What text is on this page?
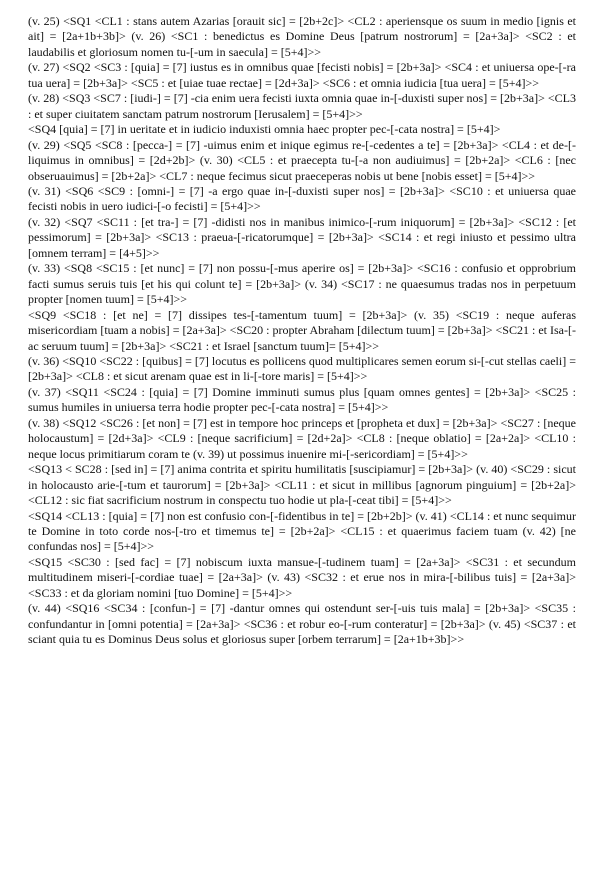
(v. 25) <SQ1 <CL1 : stans autem Azarias [orauit sic] = [2b+2c]> <CL2 : aperiensque os suum in medio [ignis et ait] = [2a+1b+3b]> (v. 26) <SC1 : benedictus es Domine Deus [patrum nostrorum] = [2a+3a]> <SC2 : et laudabilis et gloriosum nomen tu-[-um in saecula] = [5+4]>>

(v. 27) <SQ2 <SC3 : [quia] = [7] iustus es in omnibus quae [fecisti nobis] = [2b+3a]> <SC4 : et uniuersa ope-[-ra tua uera] = [2b+3a]> <SC5 : et [uiae tuae rectae] = [2d+3a]> <SC6 : et omnia iudicia [tua uera] = [5+4]>>

(v. 28) <SQ3 <SC7 : [iudi-] = [7] -cia enim uera fecisti iuxta omnia quae in-[-duxisti super nos] = [2b+3a]> <CL3 : et super ciuitatem sanctam patrum nostrorum [Ierusalem] = [5+4]>>

<SQ4 [quia] = [7] in ueritate et in iudicio induxisti omnia haec propter pec-[-cata nostra] = [5+4]>

(v. 29) <SQ5 <SC8 : [pecca-] = [7] -uimus enim et inique egimus re-[-cedentes a te] = [2b+3a]> <CL4 : et de-[-liquimus in omnibus] = [2d+2b]> (v. 30) <CL5 : et praecepta tu-[-a non audiuimus] = [2b+2a]> <CL6 : [nec obseruauimus] = [2b+2a]> <CL7 : neque fecimus sicut praeceperas nobis ut bene [nobis esset] = [5+4]>>

(v. 31) <SQ6 <SC9 : [omni-] = [7] -a ergo quae in-[-duxisti super nos] = [2b+3a]> <SC10 : et uniuersa quae fecisti nobis in uero iudici-[-o fecisti] = [5+4]>>

(v. 32) <SQ7 <SC11 : [et tra-] = [7] -didisti nos in manibus inimico-[-rum iniquorum] = [2b+3a]> <SC12 : [et pessimorum] = [2b+3a]> <SC13 : praeua-[-ricatorumque] = [2b+3a]> <SC14 : et regi iniusto et pessimo ultra [omnem terram] = [4+5]>>

(v. 33) <SQ8 <SC15 : [et nunc] = [7] non possu-[-mus aperire os] = [2b+3a]> <SC16 : confusio et opprobrium facti sumus seruis tuis [et his qui colunt te] = [2b+3a]> (v. 34) <SC17 : ne quaesumus tradas nos in perpetuum propter [nomen tuum] = [5+4]>>

<SQ9 <SC18 : [et ne] = [7] dissipes tes-[-tamentum tuum] = [2b+3a]> (v. 35) <SC19 : neque auferas misericordiam [tuam a nobis] = [2a+3a]> <SC20 : propter Abraham [dilectum tuum] = [2b+3a]> <SC21 : et Isa-[-ac seruum tuum] = [2b+3a]> <SC21 : et Israel [sanctum tuum]= [5+4]>>

(v. 36) <SQ10 <SC22 : [quibus] = [7] locutus es pollicens quod multiplicares semen eorum si-[-cut stellas caeli] = [2b+3a]> <CL8 : et sicut arenam quae est in li-[-tore maris] = [5+4]>>

(v. 37) <SQ11 <SC24 : [quia] = [7] Domine imminuti sumus plus [quam omnes gentes] = [2b+3a]> <SC25 : sumus humiles in uniuersa terra hodie propter pec-[-cata nostra] = [5+4]>>

(v. 38) <SQ12 <SC26 : [et non] = [7] est in tempore hoc princeps et [propheta et dux] = [2b+3a]> <SC27 : [neque holocaustum] = [2d+3a]> <CL9 : [neque sacrificium] = [2d+2a]> <CL8 : [neque oblatio] = [2a+2a]> <CL10 : neque locus primitiarum coram te (v. 39) ut possimus inuenire mi-[-sericordiam] = [5+4]>>

<SQ13 < SC28 : [sed in] = [7] anima contrita et spiritu humilitatis [suscipiamur] = [2b+3a]> (v. 40) <SC29 : sicut in holocausto arie-[-tum et taurorum] = [2b+3a]> <CL11 : et sicut in millibus [agnorum pinguium] = [2b+2a]> <CL12 : sic fiat sacrificium nostrum in conspectu tuo hodie ut pla-[-ceat tibi] = [5+4]>>

<SQ14 <CL13 : [quia] = [7] non est confusio con-[-fidentibus in te] = [2b+2b]> (v. 41) <CL14 : et nunc sequimur te Domine in toto corde nos-[-tro et timemus te] = [2b+2a]> <CL15 : et quaerimus faciem tuam (v. 42) [ne confundas nos] = [5+4]>>

<SQ15 <SC30 : [sed fac] = [7] nobiscum iuxta mansue-[-tudinem tuam] = [2a+3a]> <SC31 : et secundum multitudinem miseri-[-cordiae tuae] = [2a+3a]> (v. 43) <SC32 : et erue nos in mira-[-bilibus tuis] = [2a+3a]> <SC33 : et da gloriam nomini [tuo Domine] = [5+4]>>

(v. 44) <SQ16 <SC34 : [confun-] = [7] -dantur omnes qui ostendunt ser-[-uis tuis mala] = [2b+3a]> <SC35 : confundantur in [omni potentia] = [2a+3a]> <SC36 : et robur eo-[-rum conteratur] = [2b+3a]> (v. 45) <SC37 : et sciant quia tu es Dominus Deus solus et gloriosus super [orbem terrarum] = [2a+1b+3b]>>
